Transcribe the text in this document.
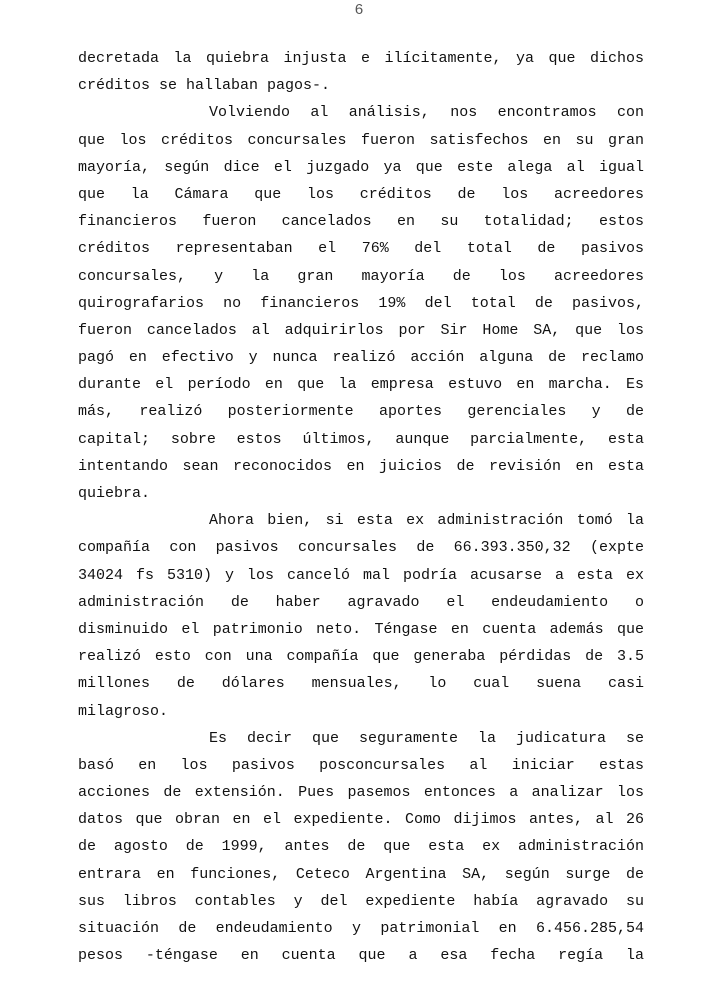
6
decretada la quiebra injusta e ilícitamente, ya que dichos
créditos se hallaban pagos-.
Volviendo al análisis, nos encontramos con
que los créditos concursales fueron satisfechos en su gran
mayoría, según dice el juzgado ya que este alega al igual
que la Cámara que los créditos de los acreedores
financieros fueron cancelados en su totalidad; estos
créditos representaban el 76% del total de pasivos
concursales, y la gran mayoría de los acreedores
quirografarios no financieros 19% del total de pasivos,
fueron cancelados al adquirirlos por Sir Home SA, que los
pagó en efectivo y nunca realizó acción alguna de reclamo
durante el período en que la empresa estuvo en marcha. Es
más, realizó posteriormente aportes gerenciales y de
capital; sobre estos últimos, aunque parcialmente, esta
intentando sean reconocidos en juicios de revisión en esta
quiebra.
Ahora bien, si esta ex administración tomó la
compañía con pasivos concursales de 66.393.350,32 (expte
34024 fs 5310) y los canceló mal podría acusarse a esta ex
administración de haber agravado el endeudamiento o
disminuido el patrimonio neto. Téngase en cuenta además que
realizó esto con una compañía que generaba pérdidas de 3.5
millones de dólares mensuales, lo cual suena casi
milagroso.
Es decir que seguramente la judicatura se
basó en los pasivos posconcursales al iniciar estas
acciones de extensión. Pues pasemos entonces a analizar los
datos que obran en el expediente. Como dijimos antes, al 26
de agosto de 1999, antes de que esta ex administración
entrara en funciones, Ceteco Argentina SA, según surge de
sus libros contables y del expediente había agravado su
situación de endeudamiento y patrimonial en 6.456.285,54
pesos -téngase en cuenta que a esa fecha regía la
